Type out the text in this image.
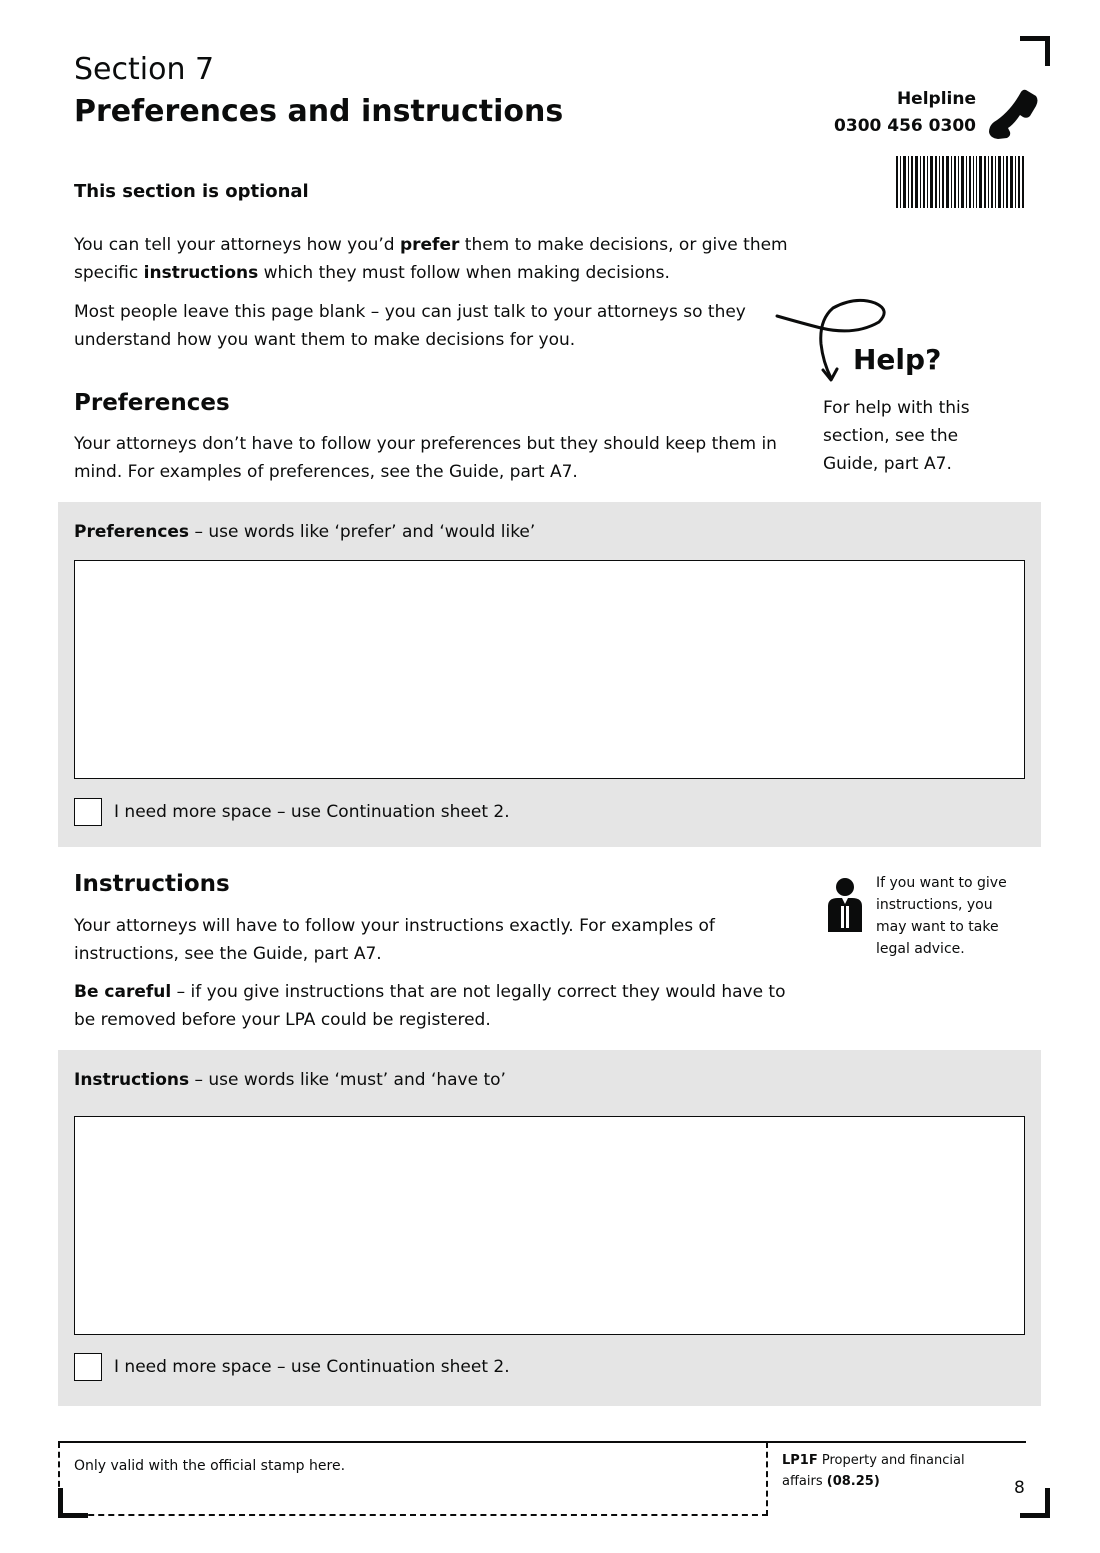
Section 7
Preferences and instructions	Helpline
0300 456 0300
This section is optional

You can tell your attorneys how you’d prefer them to make decisions, or give them specific instructions which they must follow when making decisions.

Most people leave this page blank – you can just talk to your attorneys so they understand how you want them to make decisions for you.

Help?
For help with this section, see the Guide, part A7.
Preferences

Your attorneys don’t have to follow your preferences but they should keep them in mind. For examples of preferences, see the Guide, part A7.

Preferences – use words like ‘prefer’ and ‘would like’
I need more space – use Continuation sheet 2.
Instructions

Your attorneys will have to follow your instructions exactly. For examples of instructions, see the Guide, part A7.

Be careful – if you give instructions that are not legally correct they would have to be removed before your LPA could be registered.

If you want to give instructions, you may want to take legal advice.
Instructions – use words like ‘must’ and ‘have to’
I need more space – use Continuation sheet 2.
Only valid with the official stamp here.	LP1F Property and financial affairs (08.25)	8
